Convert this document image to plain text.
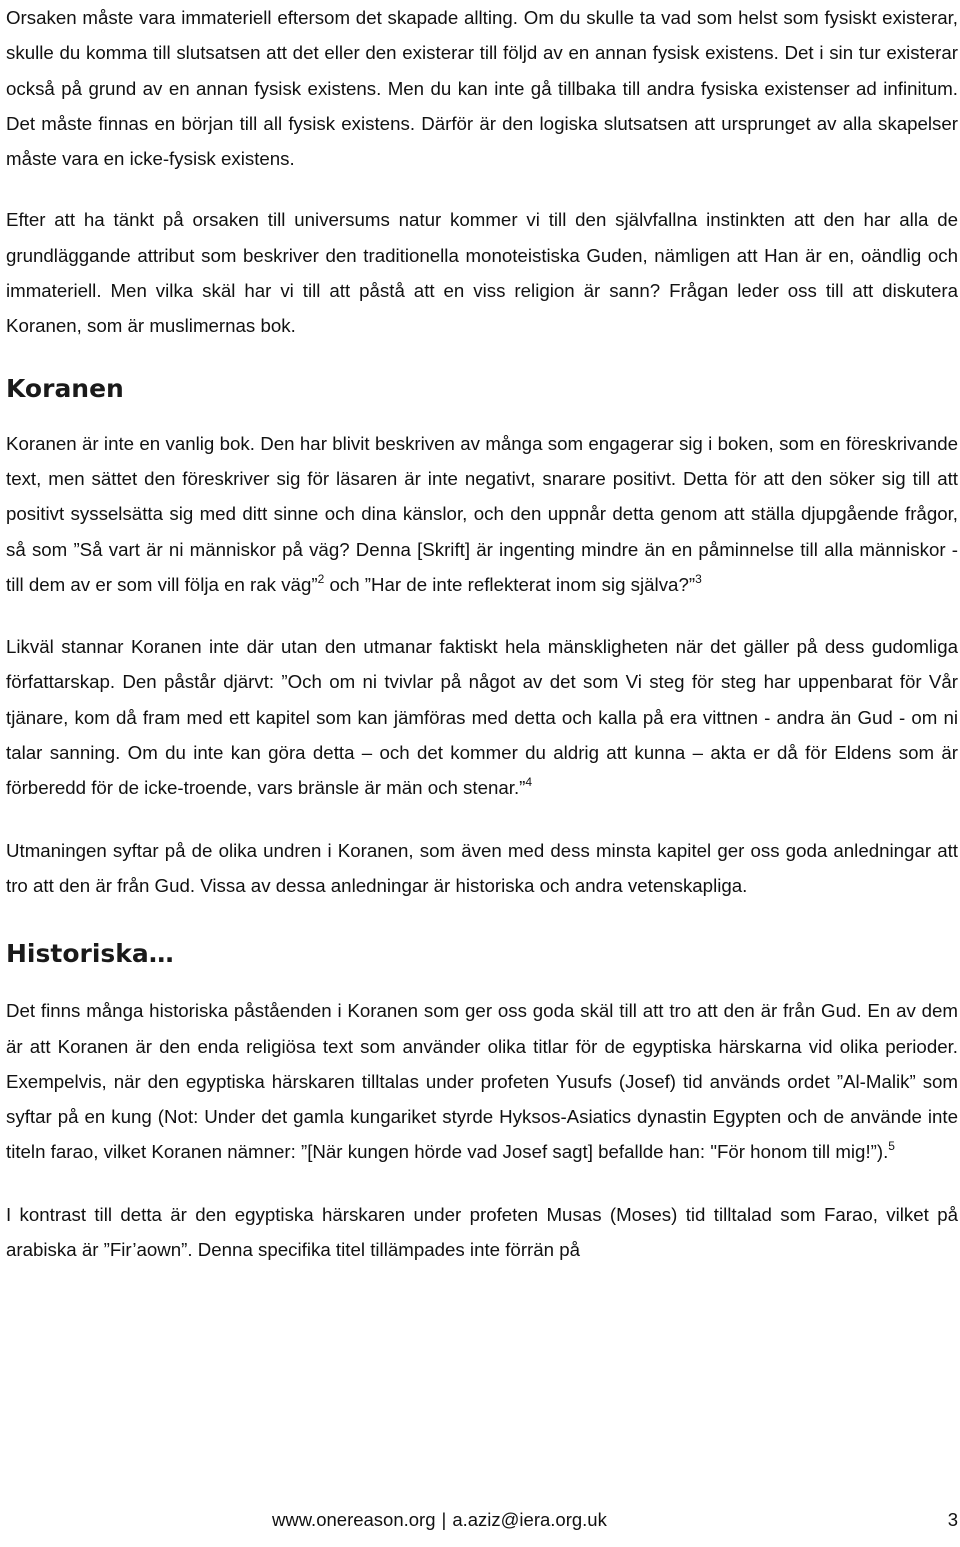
Orsaken måste vara immateriell eftersom det skapade allting. Om du skulle ta vad som helst som fysiskt existerar, skulle du komma till slutsatsen att det eller den existerar till följd av en annan fysisk existens. Det i sin tur existerar också på grund av en annan fysisk existens. Men du kan inte gå tillbaka till andra fysiska existenser ad infinitum. Det måste finnas en början till all fysisk existens. Därför är den logiska slutsatsen att ursprunget av alla skapelser måste vara en icke-fysisk existens.

Efter att ha tänkt på orsaken till universums natur kommer vi till den självfallna instinkten att den har alla de grundläggande attribut som beskriver den traditionella monoteistiska Guden, nämligen att Han är en, oändlig och immateriell. Men vilka skäl har vi till att påstå att en viss religion är sann? Frågan leder oss till att diskutera Koranen, som är muslimernas bok.

Koranen

Koranen är inte en vanlig bok. Den har blivit beskriven av många som engagerar sig i boken, som en föreskrivande text, men sättet den föreskriver sig för läsaren är inte negativt, snarare positivt. Detta för att den söker sig till att positivt sysselsätta sig med ditt sinne och dina känslor, och den uppnår detta genom att ställa djupgående frågor, så som ”Så vart är ni människor på väg? Denna [Skrift] är ingenting mindre än en påminnelse till alla människor - till dem av er som vill följa en rak väg”$^2$ och ”Har de inte reflekterat inom sig själva?”$^3$

Likväl stannar Koranen inte där utan den utmanar faktiskt hela mänskligheten när det gäller på dess gudomliga författarskap. Den påstår djärvt: ”Och om ni tvivlar på något av det som Vi steg för steg har uppenbarat för Vår tjänare, kom då fram med ett kapitel som kan jämföras med detta och kalla på era vittnen - andra än Gud - om ni talar sanning. Om du inte kan göra detta – och det kommer du aldrig att kunna – akta er då för Eldens som är förberedd för de icke-troende, vars bränsle är män och stenar.”$^4$

Utmaningen syftar på de olika undren i Koranen, som även med dess minsta kapitel ger oss goda anledningar att tro att den är från Gud. Vissa av dessa anledningar är historiska och andra vetenskapliga.

Historiska…

Det finns många historiska påståenden i Koranen som ger oss goda skäl till att tro att den är från Gud. En av dem är att Koranen är den enda religiösa text som använder olika titlar för de egyptiska härskarna vid olika perioder. Exempelvis, när den egyptiska härskaren tilltalas under profeten Yusufs (Josef) tid används ordet ”Al-Malik” som syftar på en kung (Not: Under det gamla kungariket styrde Hyksos-Asiatics dynastin Egypten och de använde inte titeln farao, vilket Koranen nämner: ”[När kungen hörde vad Josef sagt] befallde han: "För honom till mig!”).$^5$

I kontrast till detta är den egyptiska härskaren under profeten Musas (Moses) tid tilltalad som Farao, vilket på arabiska är ”Fir’aown”. Denna specifika titel tillämpades inte förrän på

www.onereason.org | a.aziz@iera.org.uk	3
